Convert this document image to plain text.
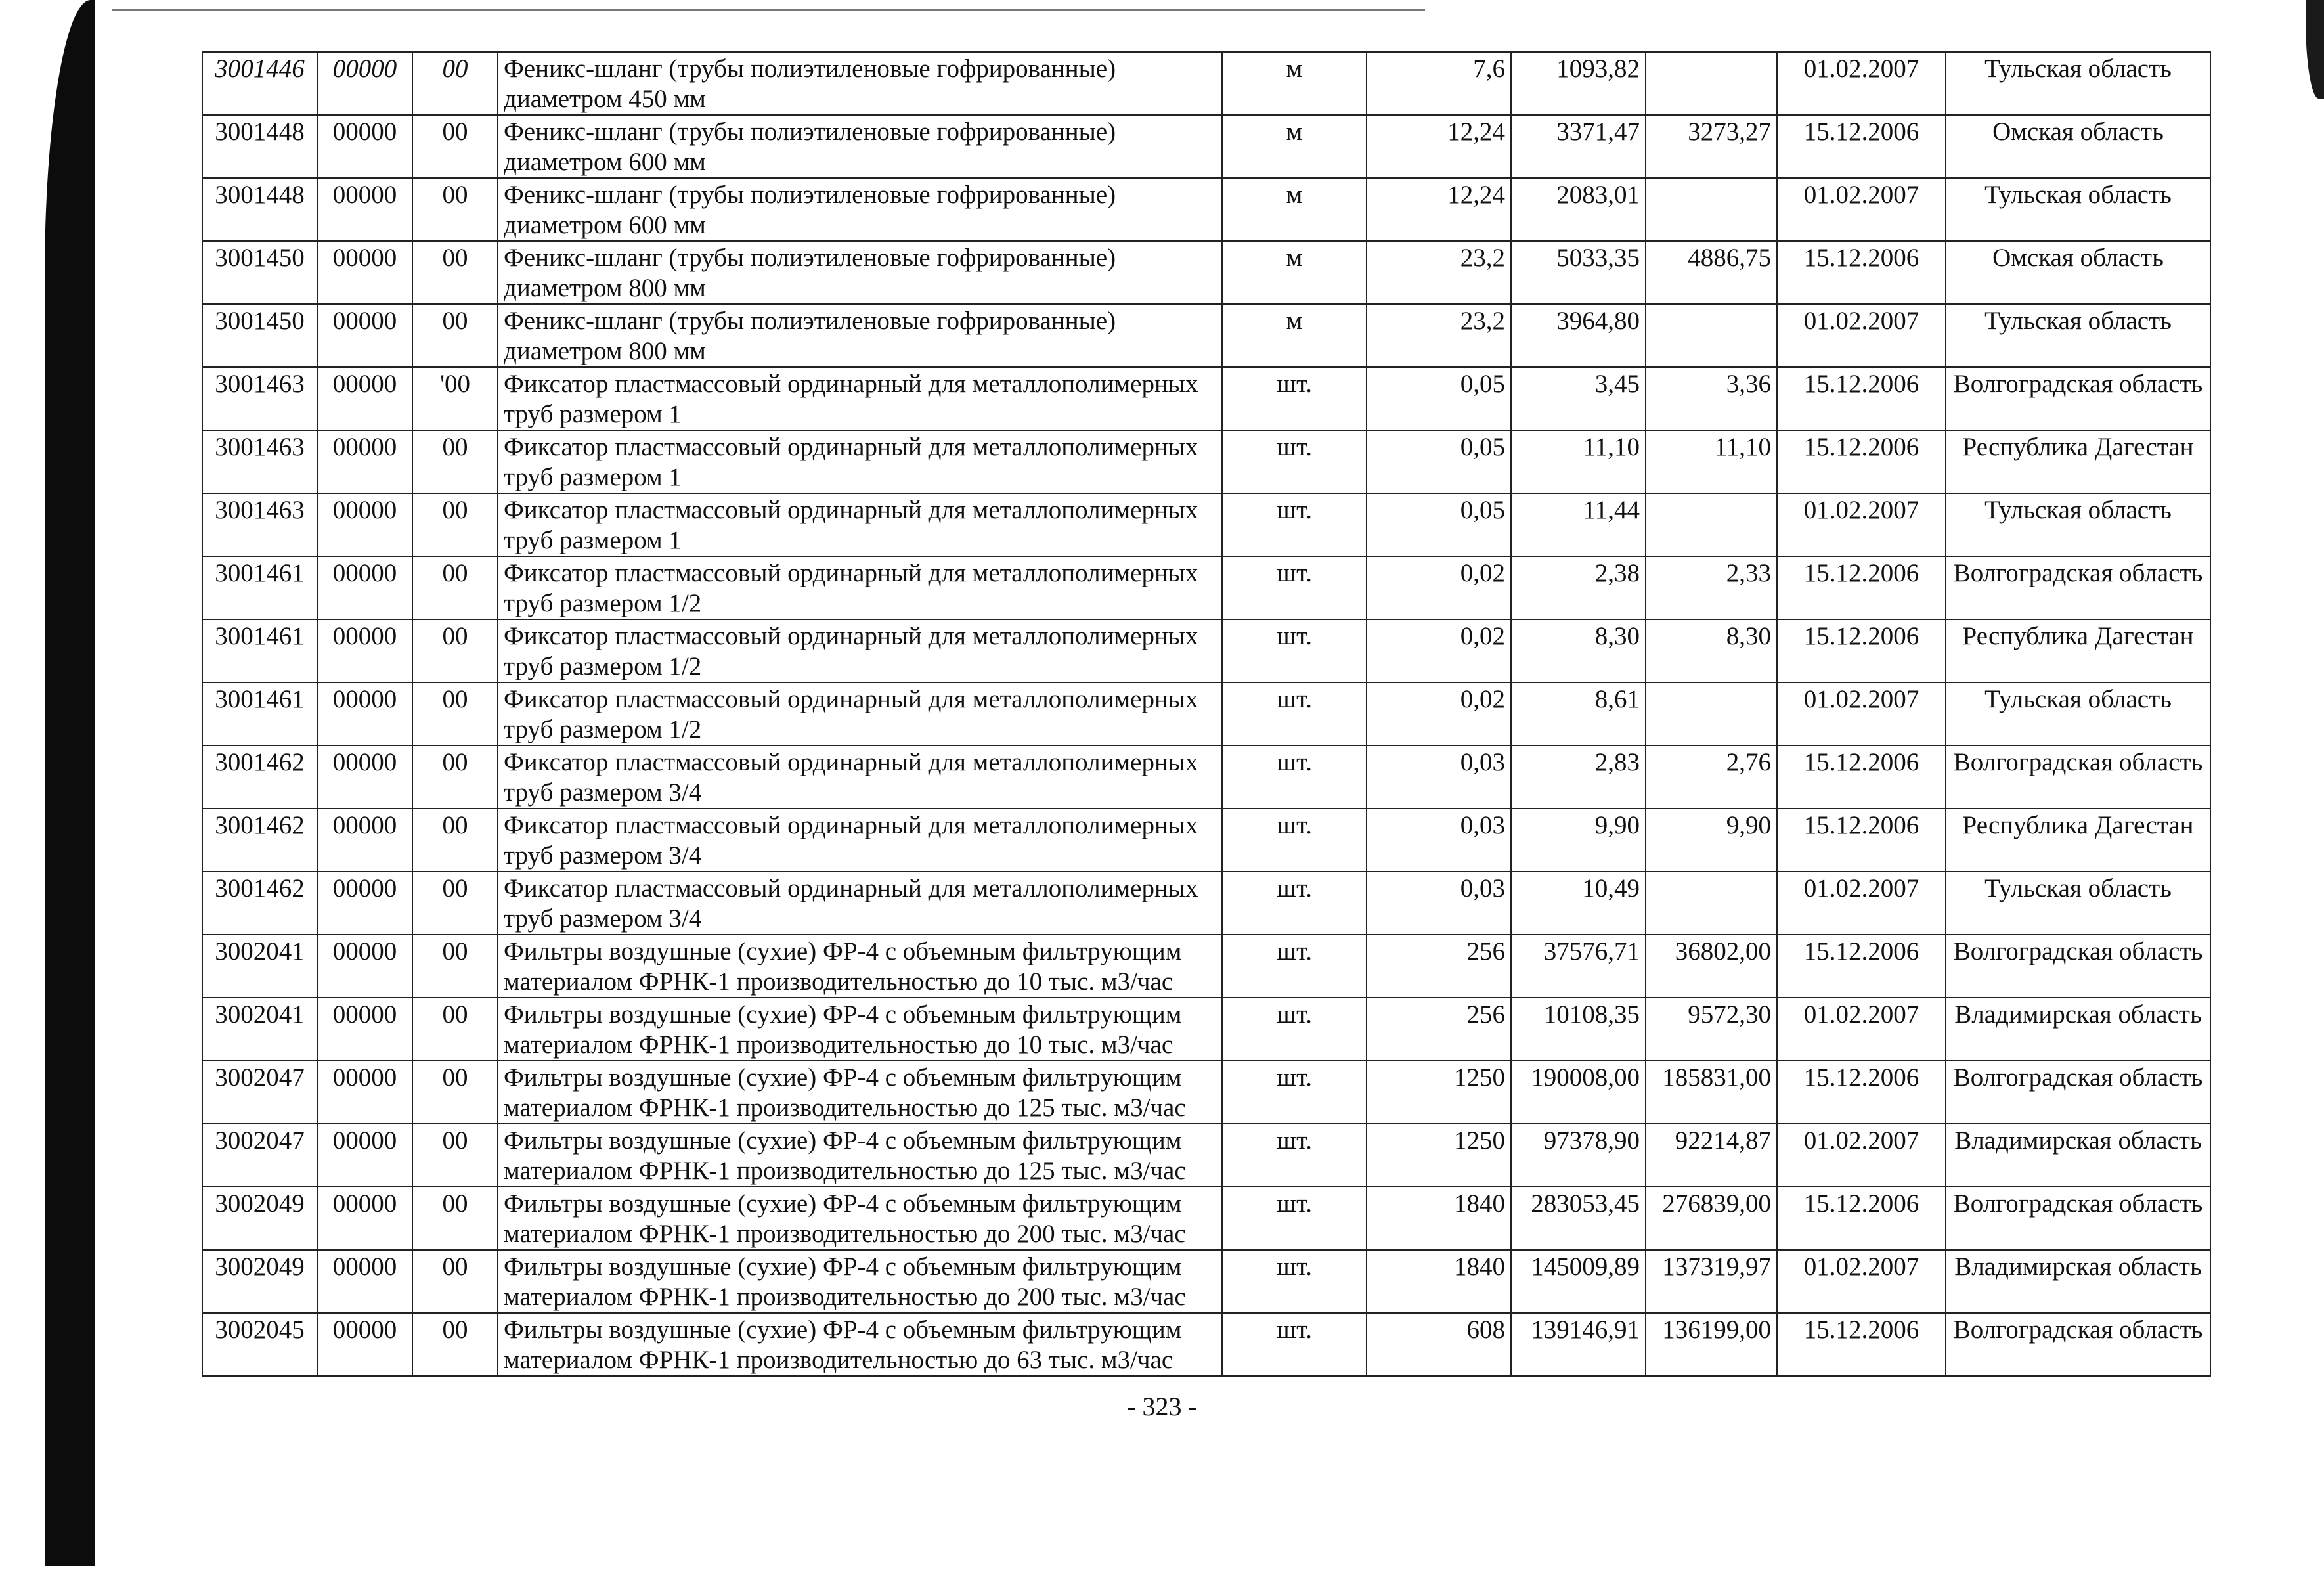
3001446	00000	00	Феникс-шланг (трубы полиэтиленовые гофрированные) диаметром 450 мм	м	7,6	1093,82		01.02.2007	Тульская область
3001448	00000	00	Феникс-шланг (трубы полиэтиленовые гофрированные) диаметром 600 мм	м	12,24	3371,47	3273,27	15.12.2006	Омская область
3001448	00000	00	Феникс-шланг (трубы полиэтиленовые гофрированные) диаметром 600 мм	м	12,24	2083,01		01.02.2007	Тульская область
3001450	00000	00	Феникс-шланг (трубы полиэтиленовые гофрированные) диаметром 800 мм	м	23,2	5033,35	4886,75	15.12.2006	Омская область
3001450	00000	00	Феникс-шланг (трубы полиэтиленовые гофрированные) диаметром 800 мм	м	23,2	3964,80		01.02.2007	Тульская область
3001463	00000	'00	Фиксатор пластмассовый ординарный для металлополимерных труб размером 1	шт.	0,05	3,45	3,36	15.12.2006	Волгоградская область
3001463	00000	00	Фиксатор пластмассовый ординарный для металлополимерных труб размером 1	шт.	0,05	11,10	11,10	15.12.2006	Республика Дагестан
3001463	00000	00	Фиксатор пластмассовый ординарный для металлополимерных труб размером 1	шт.	0,05	11,44		01.02.2007	Тульская область
3001461	00000	00	Фиксатор пластмассовый ординарный для металлополимерных труб размером 1/2	шт.	0,02	2,38	2,33	15.12.2006	Волгоградская область
3001461	00000	00	Фиксатор пластмассовый ординарный для металлополимерных труб размером 1/2	шт.	0,02	8,30	8,30	15.12.2006	Республика Дагестан
3001461	00000	00	Фиксатор пластмассовый ординарный для металлополимерных труб размером 1/2	шт.	0,02	8,61		01.02.2007	Тульская область
3001462	00000	00	Фиксатор пластмассовый ординарный для металлополимерных труб размером 3/4	шт.	0,03	2,83	2,76	15.12.2006	Волгоградская область
3001462	00000	00	Фиксатор пластмассовый ординарный для металлополимерных труб размером 3/4	шт.	0,03	9,90	9,90	15.12.2006	Республика Дагестан
3001462	00000	00	Фиксатор пластмассовый ординарный для металлополимерных труб размером 3/4	шт.	0,03	10,49		01.02.2007	Тульская область
3002041	00000	00	Фильтры воздушные (сухие) ФР-4 с объемным фильтрующим материалом ФРНК-1 производительностью до 10 тыс. м3/час	шт.	256	37576,71	36802,00	15.12.2006	Волгоградская область
3002041	00000	00	Фильтры воздушные (сухие) ФР-4 с объемным фильтрующим материалом ФРНК-1 производительностью до 10 тыс. м3/час	шт.	256	10108,35	9572,30	01.02.2007	Владимирская область
3002047	00000	00	Фильтры воздушные (сухие) ФР-4 с объемным фильтрующим материалом ФРНК-1 производительностью до 125 тыс. м3/час	шт.	1250	190008,00	185831,00	15.12.2006	Волгоградская область
3002047	00000	00	Фильтры воздушные (сухие) ФР-4 с объемным фильтрующим материалом ФРНК-1 производительностью до 125 тыс. м3/час	шт.	1250	97378,90	92214,87	01.02.2007	Владимирская область
3002049	00000	00	Фильтры воздушные (сухие) ФР-4 с объемным фильтрующим материалом ФРНК-1 производительностью до 200 тыс. м3/час	шт.	1840	283053,45	276839,00	15.12.2006	Волгоградская область
3002049	00000	00	Фильтры воздушные (сухие) ФР-4 с объемным фильтрующим материалом ФРНК-1 производительностью до 200 тыс. м3/час	шт.	1840	145009,89	137319,97	01.02.2007	Владимирская область
3002045	00000	00	Фильтры воздушные (сухие) ФР-4 с объемным фильтрующим материалом ФРНК-1 производительностью до 63 тыс. м3/час	шт.	608	139146,91	136199,00	15.12.2006	Волгоградская область
- 323 -
